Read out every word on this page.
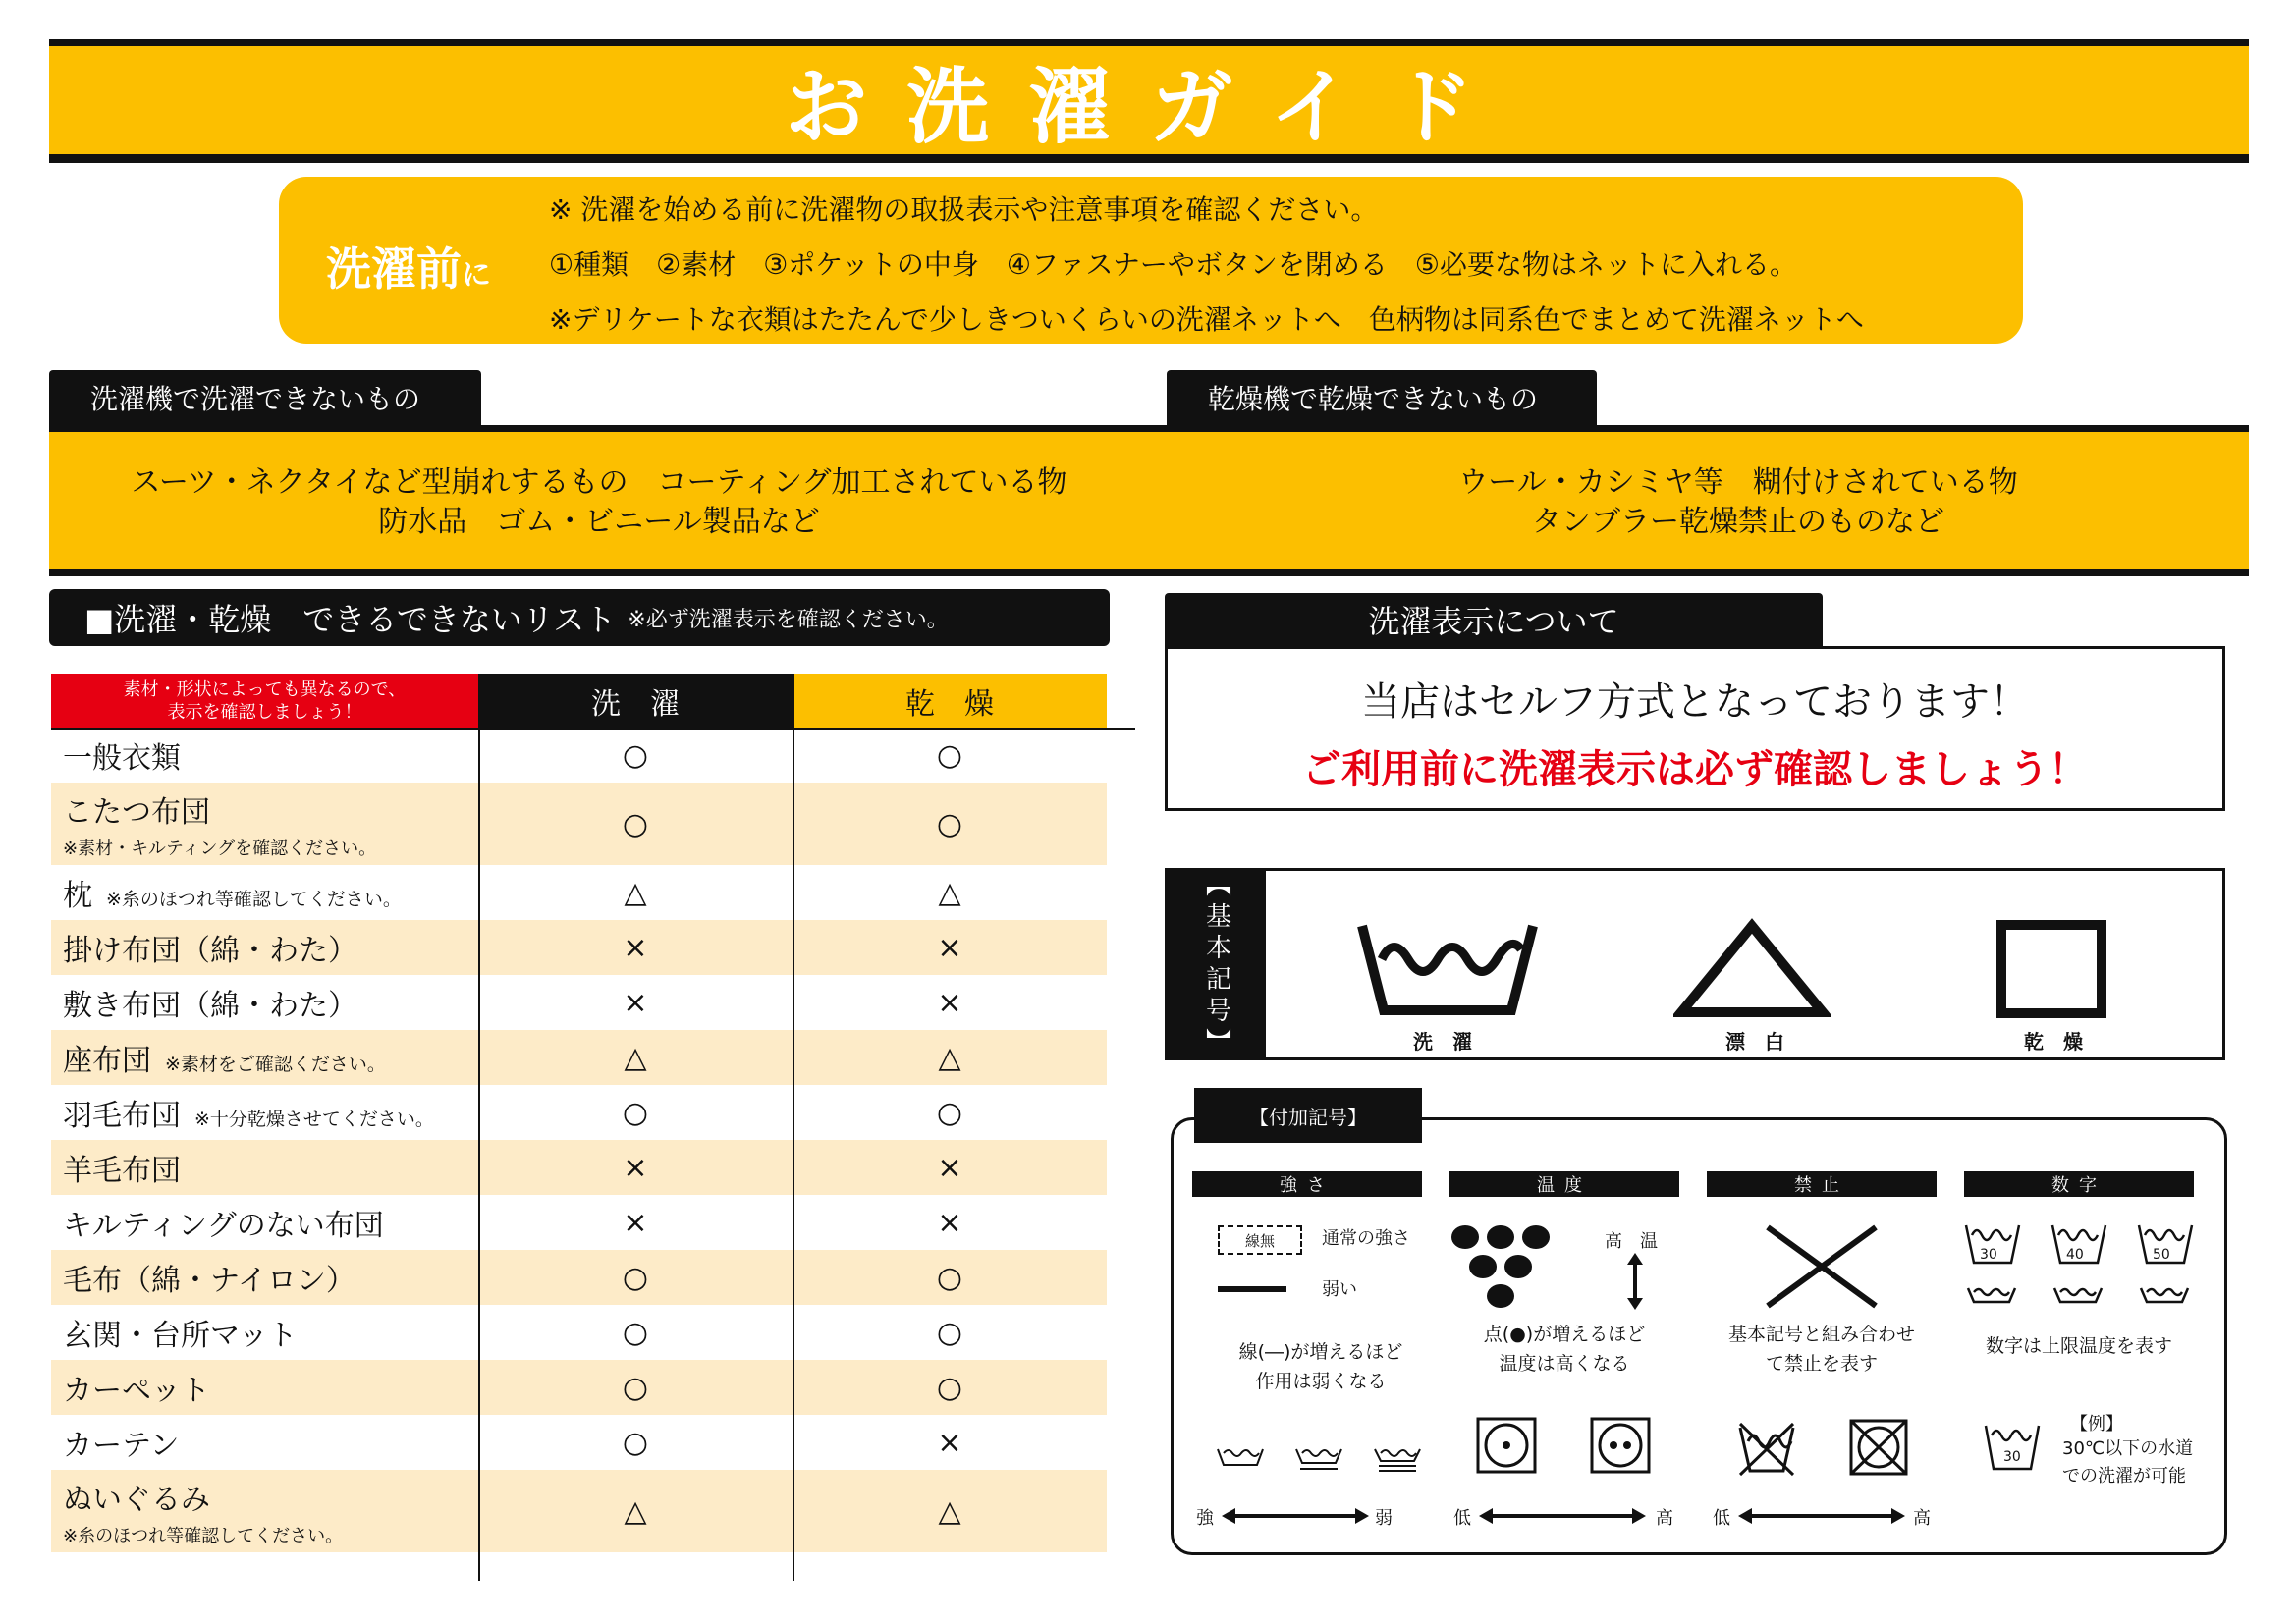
お洗濯ガイド
洗濯前に
※ 洗濯を始める前に洗濯物の取扱表示や注意事項を確認ください。
①種類　②素材　③ポケットの中身　④ファスナーやボタンを閉める　⑤必要な物はネットに入れる。
※デリケートな衣類はたたんで少しきついくらいの洗濯ネットへ　色柄物は同系色でまとめて洗濯ネットへ
洗濯機で洗濯できないもの	乾燥機で乾燥できないもの
スーツ・ネクタイなど型崩れするもの　コーティング加工されている物
防水品　ゴム・ビニール製品など
ウール・カシミヤ等　糊付けされている物
タンブラー乾燥禁止のものなど
■洗濯・乾燥　できるできないリスト ※必ず洗濯表示を確認ください。
素材・形状によっても異なるので、
表示を確認しましょう！	洗　濯	乾　燥
一般衣類	○	○
こたつ布団
※素材・キルティングを確認ください。
○	○
枕 ※糸のほつれ等確認してください。	△	△
掛け布団（綿・わた）	×	×
敷き布団（綿・わた）	×	×
座布団 ※素材をご確認ください。	△	△
羽毛布団 ※十分乾燥させてください。	○	○
羊毛布団	×	×
キルティングのない布団	×	×
毛布（綿・ナイロン）	○	○
玄関・台所マット	○	○
カーペット	○	○
カーテン	○	×
ぬいぐるみ
※糸のほつれ等確認してください。
△	△
洗濯表示について
当店はセルフ方式となっております！
ご利用前に洗濯表示は必ず確認しましょう！
【基本記号】	洗　濯	漂　白	乾　燥
【付加記号】
強さ	温度	禁止	数字
線無	通常の強さ
弱い
線(―)が増えるほど
作用は弱くなる
強	弱
高　温
点(●)が増えるほど
温度は高くなる
低	高
基本記号と組み合わせ
て禁止を表す
低	高
30	40	50
数字は上限温度を表す
30
【例】
30℃以下の水道
での洗濯が可能
